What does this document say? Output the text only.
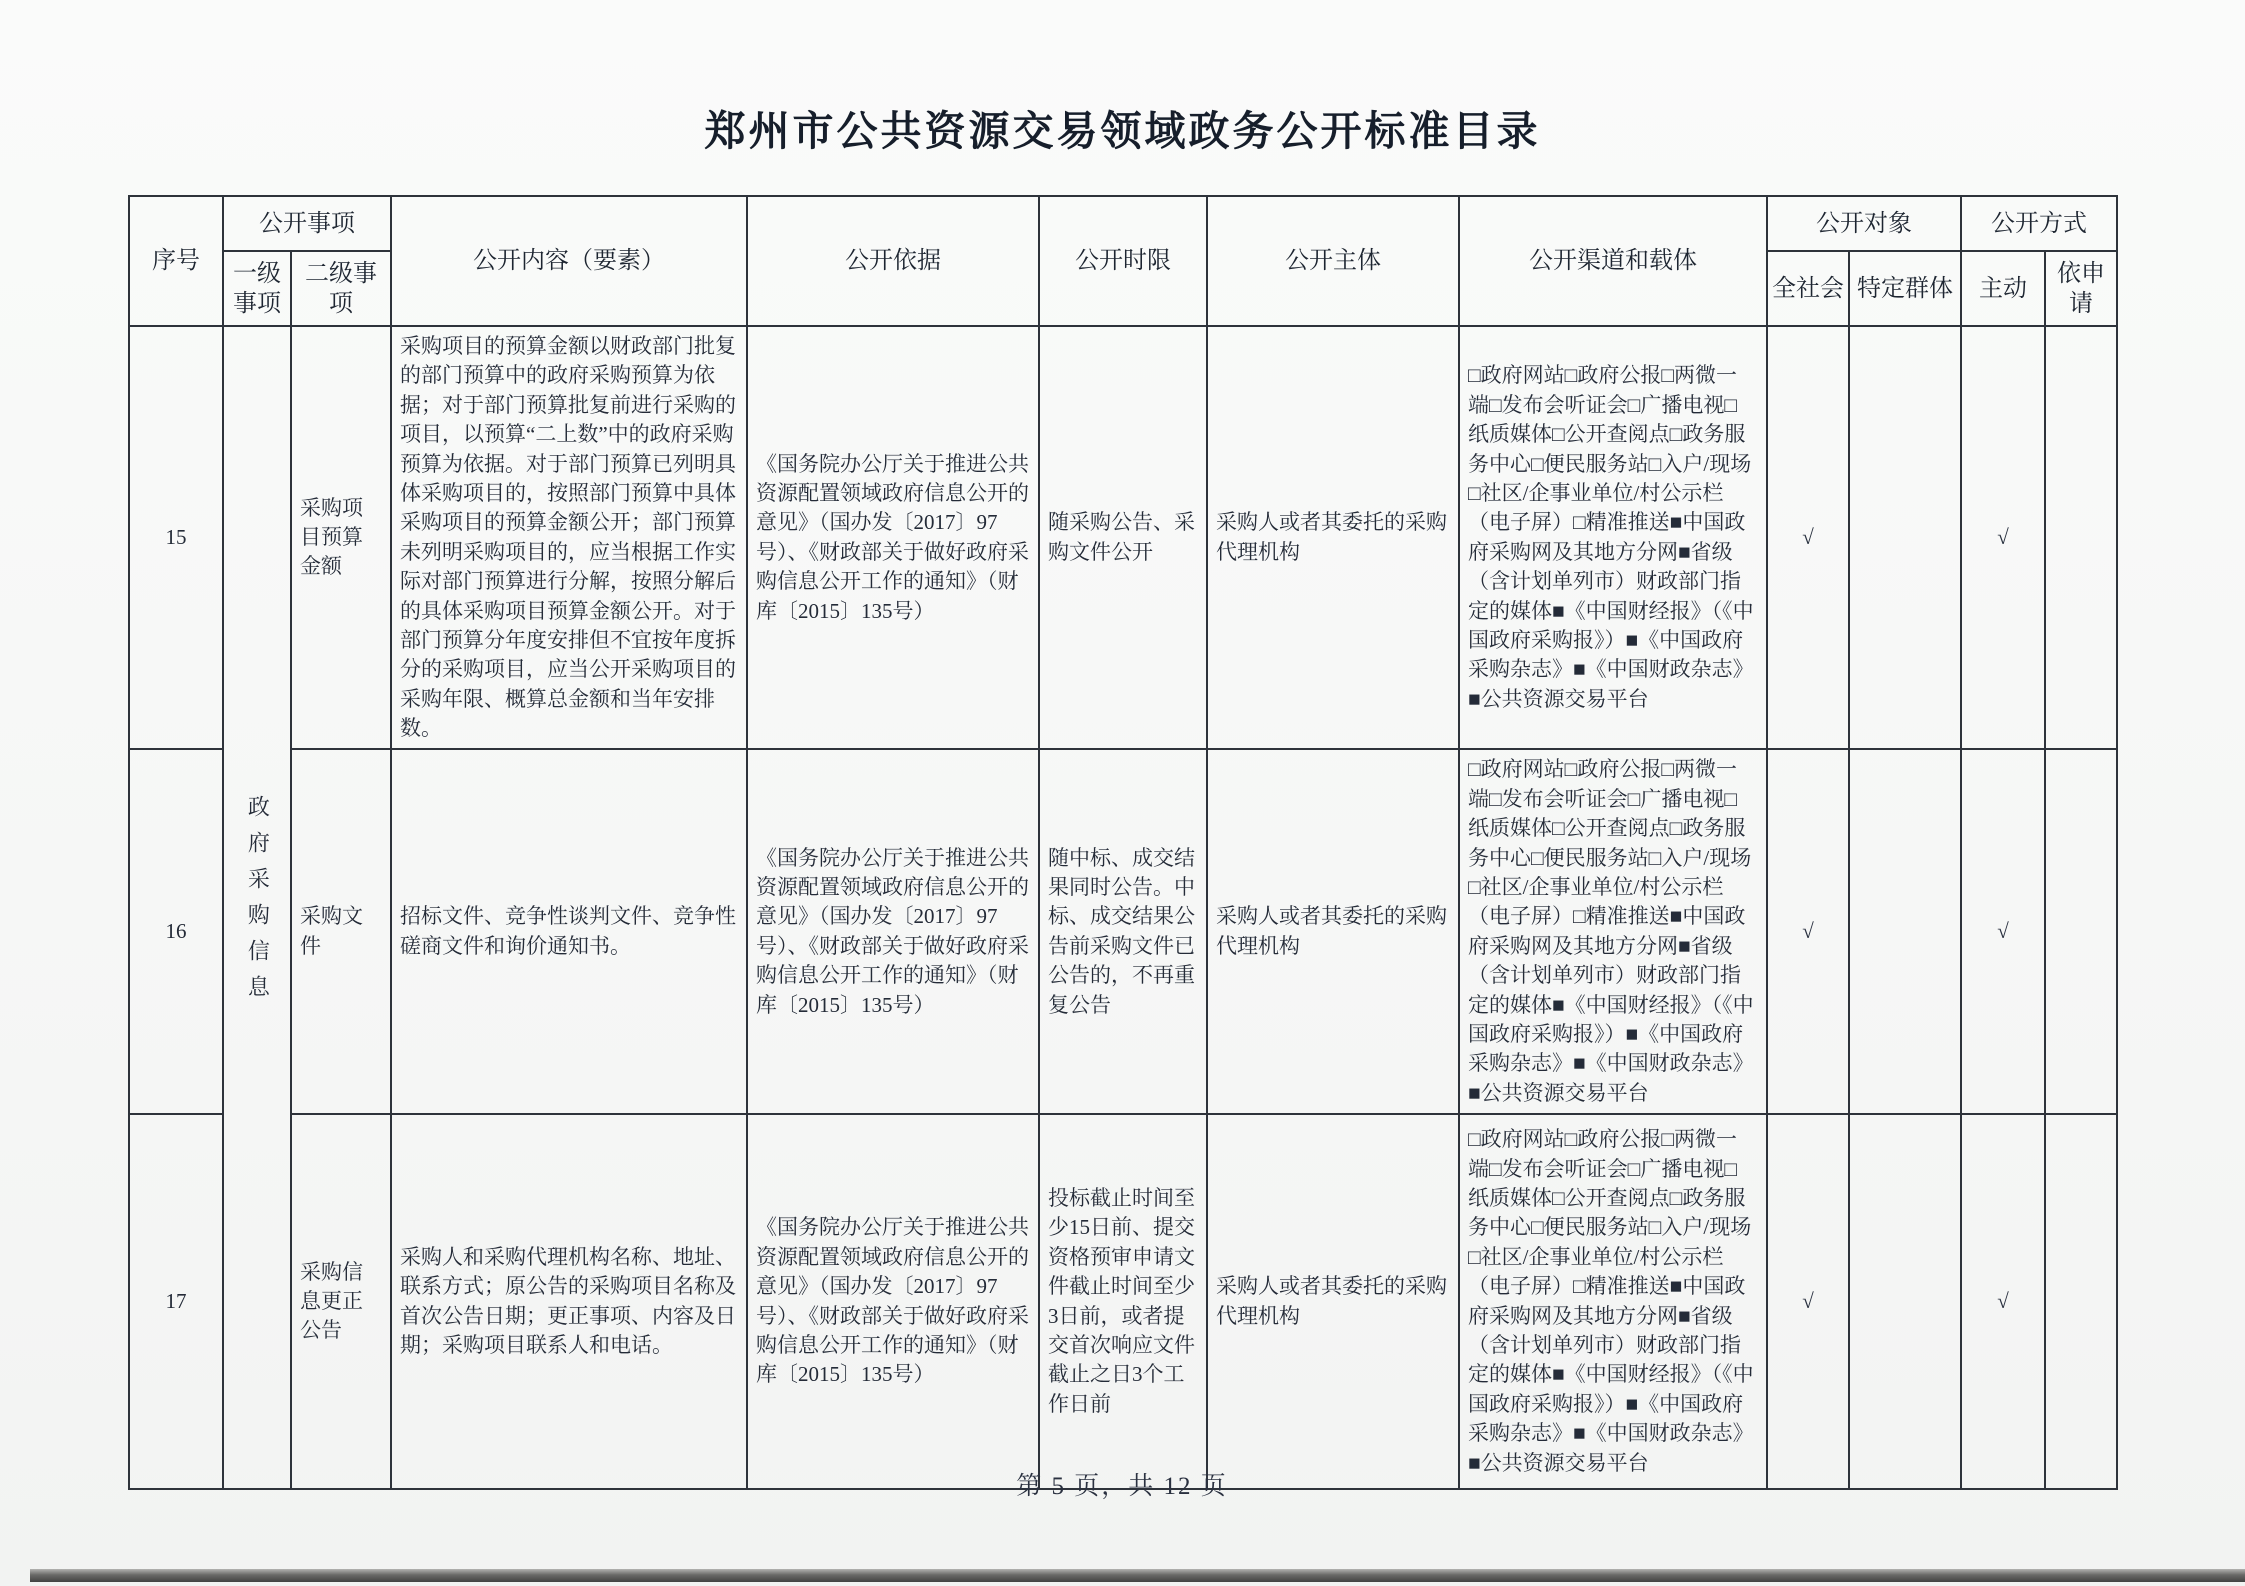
郑州市公共资源交易领域政务公开标准目录
序号	公开事项		公开内容（要素）	公开依据	公开时限	公开主体	公开渠道和载体	公开对象		公开方式	
	一级事项	二级事项						全社会	特定群体	主动	依申请
15	政府采购信息	采购项目预算金额	采购项目的预算金额以财政部门批复的部门预算中的政府采购预算为依据；对于部门预算批复前进行采购的项目，以预算“二上数”中的政府采购预算为依据。对于部门预算已列明具体采购项目的，按照部门预算中具体采购项目的预算金额公开；部门预算未列明采购项目的，应当根据工作实际对部门预算进行分解，按照分解后的具体采购项目预算金额公开。对于部门预算分年度安排但不宜按年度拆分的采购项目，应当公开采购项目的采购年限、概算总金额和当年安排数。	《国务院办公厅关于推进公共资源配置领域政府信息公开的意见》（国办发〔2017〕97号）、《财政部关于做好政府采购信息公开工作的通知》（财库〔2015〕135号）	随采购公告、采购文件公开	采购人或者其委托的采购代理机构	□政府网站□政府公报□两微一端□发布会听证会□广播电视□纸质媒体□公开查阅点□政务服务中心□便民服务站□入户/现场□社区/企事业单位/村公示栏（电子屏）□精准推送■中国政府采购网及其地方分网■省级（含计划单列市）财政部门指定的媒体■《中国财经报》（《中国政府采购报》）■《中国政府采购杂志》■《中国财政杂志》■公共资源交易平台	√		√	
16		采购文件	招标文件、竞争性谈判文件、竞争性磋商文件和询价通知书。	《国务院办公厅关于推进公共资源配置领域政府信息公开的意见》（国办发〔2017〕97号）、《财政部关于做好政府采购信息公开工作的通知》（财库〔2015〕135号）	随中标、成交结果同时公告。中标、成交结果公告前采购文件已公告的，不再重复公告	采购人或者其委托的采购代理机构	□政府网站□政府公报□两微一端□发布会听证会□广播电视□纸质媒体□公开查阅点□政务服务中心□便民服务站□入户/现场□社区/企事业单位/村公示栏（电子屏）□精准推送■中国政府采购网及其地方分网■省级（含计划单列市）财政部门指定的媒体■《中国财经报》（《中国政府采购报》）■《中国政府采购杂志》■《中国财政杂志》■公共资源交易平台	√		√	
17		采购信息更正公告	采购人和采购代理机构名称、地址、联系方式；原公告的采购项目名称及首次公告日期；更正事项、内容及日期；采购项目联系人和电话。	《国务院办公厅关于推进公共资源配置领域政府信息公开的意见》（国办发〔2017〕97号）、《财政部关于做好政府采购信息公开工作的通知》（财库〔2015〕135号）	投标截止时间至少15日前、提交资格预审申请文件截止时间至少3日前，或者提交首次响应文件截止之日3个工作日前	采购人或者其委托的采购代理机构	□政府网站□政府公报□两微一端□发布会听证会□广播电视□纸质媒体□公开查阅点□政务服务中心□便民服务站□入户/现场□社区/企事业单位/村公示栏（电子屏）□精准推送■中国政府采购网及其地方分网■省级（含计划单列市）财政部门指定的媒体■《中国财经报》（《中国政府采购报》）■《中国政府采购杂志》■《中国财政杂志》■公共资源交易平台	√		√	
第 5 页，共 12 页
